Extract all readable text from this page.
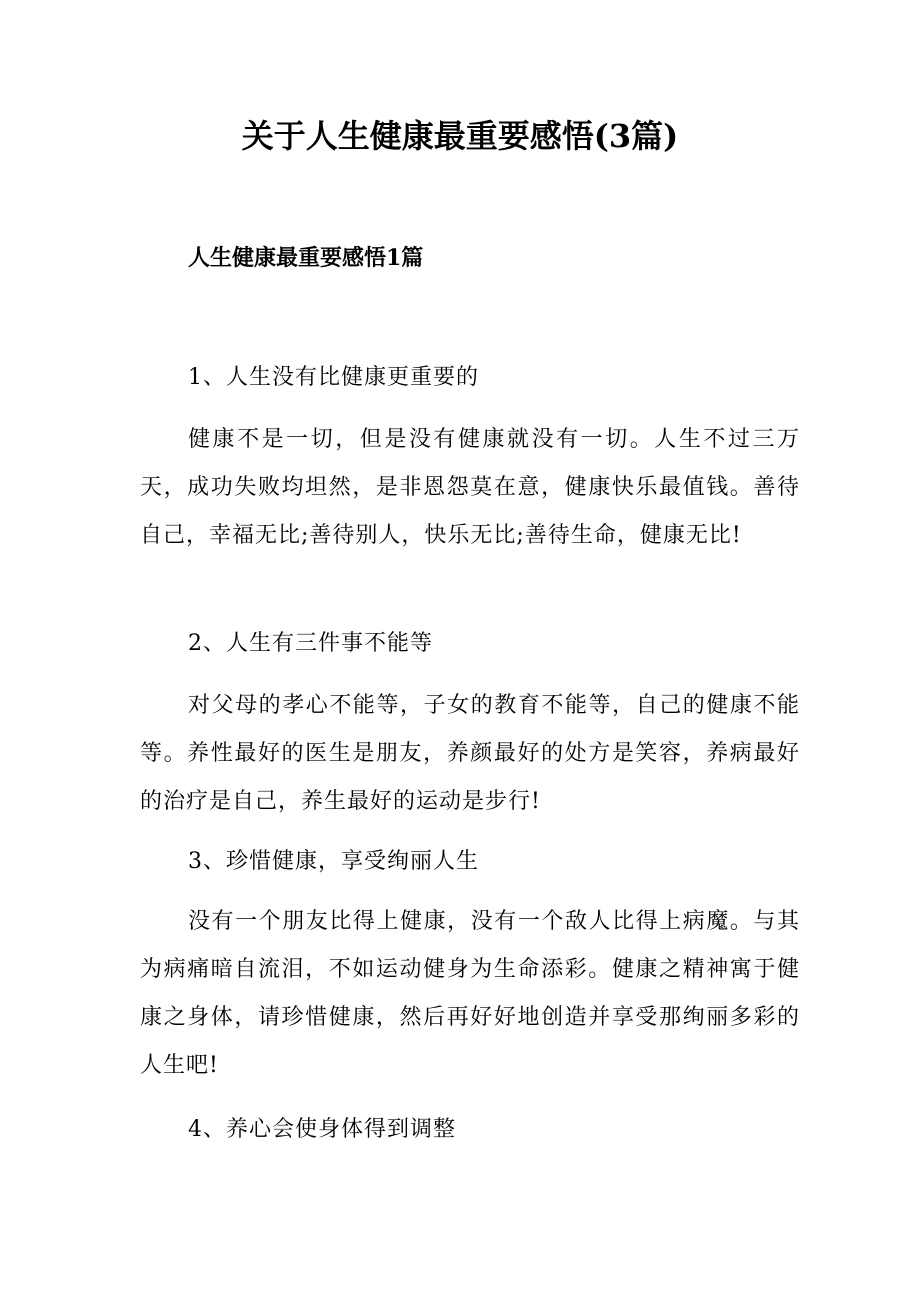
关于人生健康最重要感悟(3篇)
人生健康最重要感悟1篇

1、人生没有比健康更重要的

健康不是一切，但是没有健康就没有一切。人生不过三万天，成功失败均坦然，是非恩怨莫在意，健康快乐最值钱。善待自己，幸福无比;善待别人，快乐无比;善待生命，健康无比!

2、人生有三件事不能等

对父母的孝心不能等，子女的教育不能等，自己的健康不能等。养性最好的医生是朋友，养颜最好的处方是笑容，养病最好的治疗是自己，养生最好的运动是步行!

3、珍惜健康，享受绚丽人生

没有一个朋友比得上健康，没有一个敌人比得上病魔。与其为病痛暗自流泪，不如运动健身为生命添彩。健康之精神寓于健康之身体，请珍惜健康，然后再好好地创造并享受那绚丽多彩的人生吧!

4、养心会使身体得到调整
